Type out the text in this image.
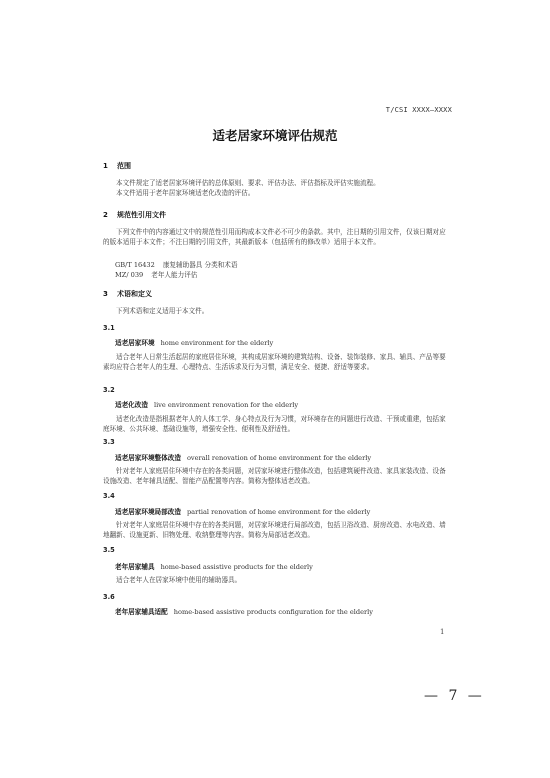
T/CSI XXXX—XXXX
适老居家环境评估规范
1 范围
本文件规定了适老居家环境评估的总体原则、要求、评估办法、评估指标及评估实施流程。
本文件适用于老年居家环境适老化改造的评估。
2 规范性引用文件
下列文件中的内容通过文中的规范性引用而构成本文件必不可少的条款。其中，注日期的引用文件，仅该日期对应的版本适用于本文件；不注日期的引用文件，其最新版本（包括所有的修改单）适用于本文件。
GB/T 16432 康复辅助器具 分类和术语
MZ/ 039 老年人能力评估
3 术语和定义
下列术语和定义适用于本文件。
3.1
适老居家环境 home environment for the elderly
适合老年人日常生活起居的家庭居住环境，其构成居家环境的建筑结构、设备、装饰装修、家具、辅具、产品等要素均应符合老年人的生理、心理特点、生活诉求及行为习惯，满足安全、便捷、舒适等要求。
3.2
适老化改造 live environment renovation for the elderly
适老化改造是指根据老年人的人体工学、身心特点及行为习惯，对环境存在的问题进行改造、干预或重建，包括家庭环境、公共环境、基础设施等，增强安全性、便利性及舒适性。
3.3
适老居家环境整体改造 overall renovation of home environment for the elderly
针对老年人家庭居住环境中存在的各类问题，对居家环境进行整体改造，包括建筑硬件改造、家具家装改造、设备设施改造、老年辅具适配、智能产品配置等内容。简称为整体适老改造。
3.4
适老居家环境局部改造 partial renovation of home environment for the elderly
针对老年人家庭居住环境中存在的各类问题，对居家环境进行局部改造，包括卫浴改造、厨房改造、水电改造、墙地翻新、设施更新、旧物处理、收纳整理等内容。简称为局部适老改造。
3.5
老年居家辅具 home-based assistive products for the elderly
适合老年人在居家环境中使用的辅助器具。
3.6
老年居家辅具适配 home-based assistive products configuration for the elderly
1
— 7 —
